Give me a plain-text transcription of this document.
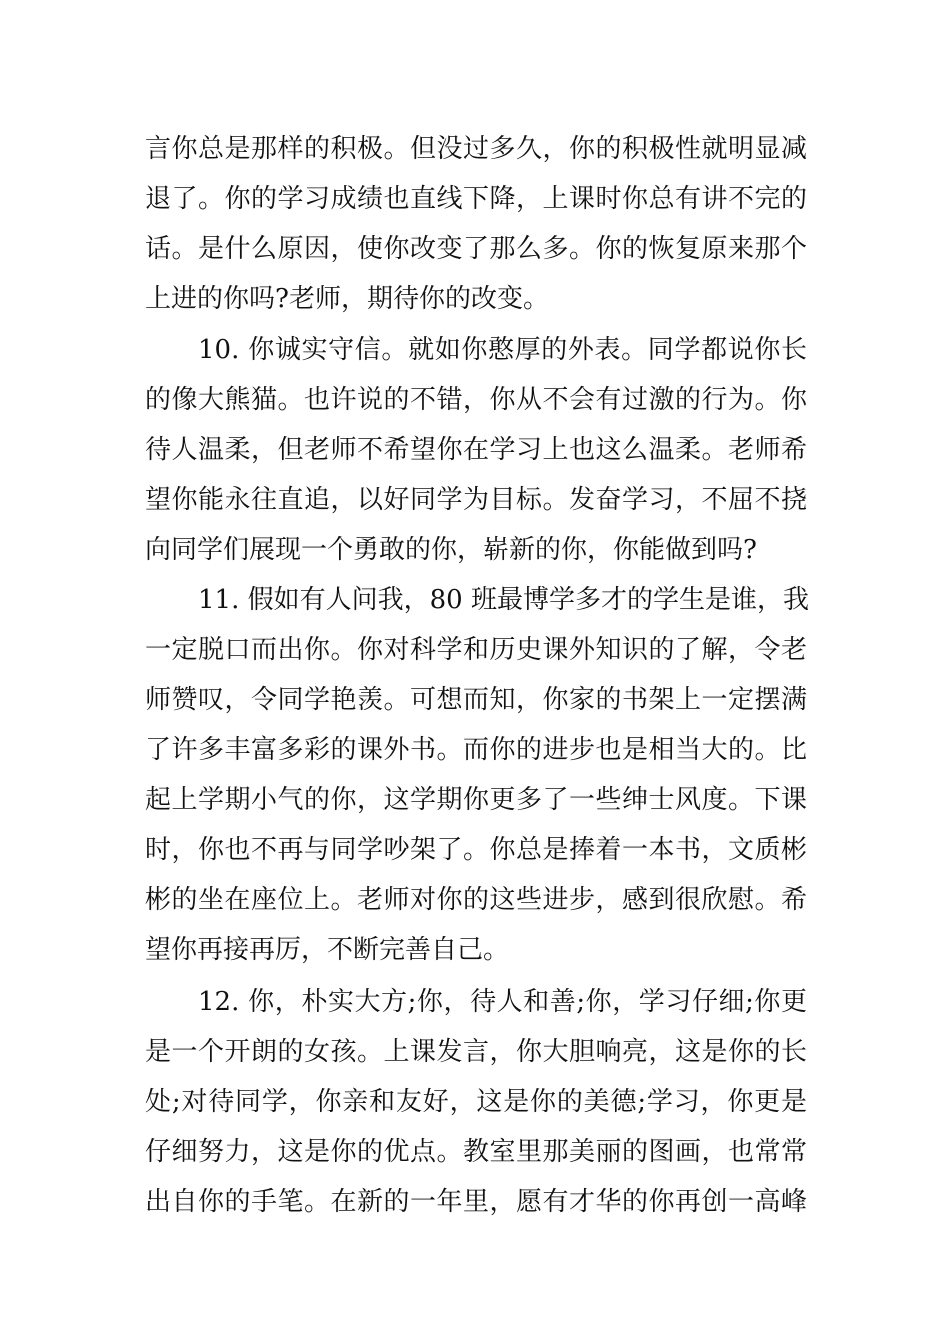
言你总是那样的积极。但没过多久，你的积极性就明显减
退了。你的学习成绩也直线下降，上课时你总有讲不完的
话。是什么原因，使你改变了那么多。你的恢复原来那个
上进的你吗?老师，期待你的改变。
10. 你诚实守信。就如你憨厚的外表。同学都说你长
的像大熊猫。也许说的不错，你从不会有过激的行为。你
待人温柔，但老师不希望你在学习上也这么温柔。老师希
望你能永往直追，以好同学为目标。发奋学习，不屈不挠
向同学们展现一个勇敢的你，崭新的你，你能做到吗?
11. 假如有人问我，80 班最博学多才的学生是谁，我
一定脱口而出你。你对科学和历史课外知识的了解，令老
师赞叹，令同学艳羡。可想而知，你家的书架上一定摆满
了许多丰富多彩的课外书。而你的进步也是相当大的。比
起上学期小气的你，这学期你更多了一些绅士风度。下课
时，你也不再与同学吵架了。你总是捧着一本书，文质彬
彬的坐在座位上。老师对你的这些进步，感到很欣慰。希
望你再接再厉，不断完善自己。
12. 你，朴实大方;你，待人和善;你，学习仔细;你更
是一个开朗的女孩。上课发言，你大胆响亮，这是你的长
处;对待同学，你亲和友好，这是你的美德;学习，你更是
仔细努力，这是你的优点。教室里那美丽的图画，也常常
出自你的手笔。在新的一年里，愿有才华的你再创一高峰
